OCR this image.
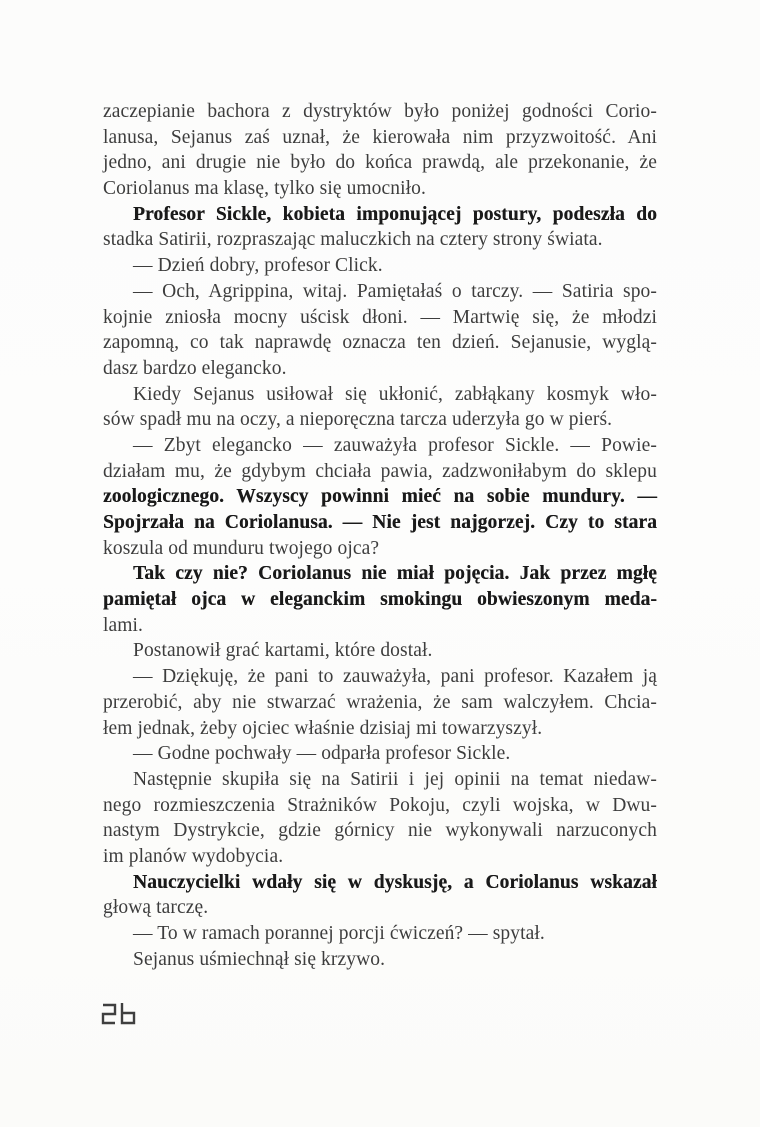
zaczepianie bachora z dystryktów było poniżej godności Corio-
lanusa, Sejanus zaś uznał, że kierowała nim przyzwoitość. Ani
jedno, ani drugie nie było do końca prawdą, ale przekonanie, że
Coriolanus ma klasę, tylko się umocniło.
Profesor Sickle, kobieta imponującej postury, podeszła do
stadka Satirii, rozpraszając maluczkich na cztery strony świata.
— Dzień dobry, profesor Click.
— Och, Agrippina, witaj. Pamiętałaś o tarczy. — Satiria spo-
kojnie zniosła mocny uścisk dłoni. — Martwię się, że młodzi
zapomną, co tak naprawdę oznacza ten dzień. Sejanusie, wyglą-
dasz bardzo elegancko.
Kiedy Sejanus usiłował się ukłonić, zabłąkany kosmyk wło-
sów spadł mu na oczy, a nieporęczna tarcza uderzyła go w pierś.
— Zbyt elegancko — zauważyła profesor Sickle. — Powie-
działam mu, że gdybym chciała pawia, zadzwoniłabym do sklepu
zoologicznego. Wszyscy powinni mieć na sobie mundury. —
Spojrzała na Coriolanusa. — Nie jest najgorzej. Czy to stara
koszula od munduru twojego ojca?
Tak czy nie? Coriolanus nie miał pojęcia. Jak przez mgłę
pamiętał ojca w eleganckim smokingu obwieszonym meda-
lami.
Postanowił grać kartami, które dostał.
— Dziękuję, że pani to zauważyła, pani profesor. Kazałem ją
przerobić, aby nie stwarzać wrażenia, że sam walczyłem. Chcia-
łem jednak, żeby ojciec właśnie dzisiaj mi towarzyszył.
— Godne pochwały — odparła profesor Sickle.
Następnie skupiła się na Satirii i jej opinii na temat niedaw-
nego rozmieszczenia Strażników Pokoju, czyli wojska, w Dwu-
nastym Dystrykcie, gdzie górnicy nie wykonywali narzuconych
im planów wydobycia.
Nauczycielki wdały się w dyskusję, a Coriolanus wskazał
głową tarczę.
— To w ramach porannej porcji ćwiczeń? — spytał.
Sejanus uśmiechnął się krzywo.
